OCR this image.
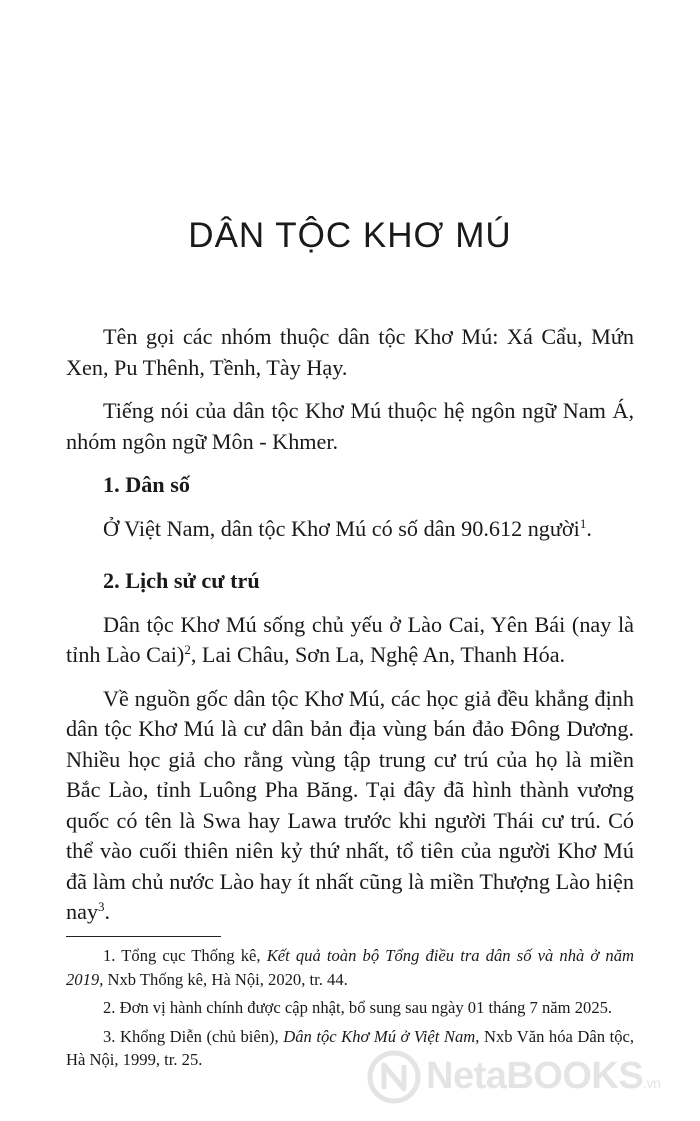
DÂN TỘC KHƠ MÚ

Tên gọi các nhóm thuộc dân tộc Khơ Mú: Xá Cẩu, Mứn Xen, Pu Thênh, Tềnh, Tày Hạy.

Tiếng nói của dân tộc Khơ Mú thuộc hệ ngôn ngữ Nam Á, nhóm ngôn ngữ Môn - Khmer.

1. Dân số

Ở Việt Nam, dân tộc Khơ Mú có số dân 90.612 người$^1$.

2. Lịch sử cư trú

Dân tộc Khơ Mú sống chủ yếu ở Lào Cai, Yên Bái (nay là tỉnh Lào Cai)$^2$, Lai Châu, Sơn La, Nghệ An, Thanh Hóa.

Về nguồn gốc dân tộc Khơ Mú, các học giả đều khẳng định dân tộc Khơ Mú là cư dân bản địa vùng bán đảo Đông Dương. Nhiều học giả cho rằng vùng tập trung cư trú của họ là miền Bắc Lào, tỉnh Luông Pha Băng. Tại đây đã hình thành vương quốc có tên là Swa hay Lawa trước khi người Thái cư trú. Có thể vào cuối thiên niên kỷ thứ nhất, tổ tiên của người Khơ Mú đã làm chủ nước Lào hay ít nhất cũng là miền Thượng Lào hiện nay$^3$.

1. Tổng cục Thống kê, Kết quả toàn bộ Tổng điều tra dân số và nhà ở năm 2019, Nxb Thống kê, Hà Nội, 2020, tr. 44.

2. Đơn vị hành chính được cập nhật, bổ sung sau ngày 01 tháng 7 năm 2025.

3. Khổng Diễn (chủ biên), Dân tộc Khơ Mú ở Việt Nam, Nxb Văn hóa Dân tộc, Hà Nội, 1999, tr. 25.	NetaBOOKS.vn
